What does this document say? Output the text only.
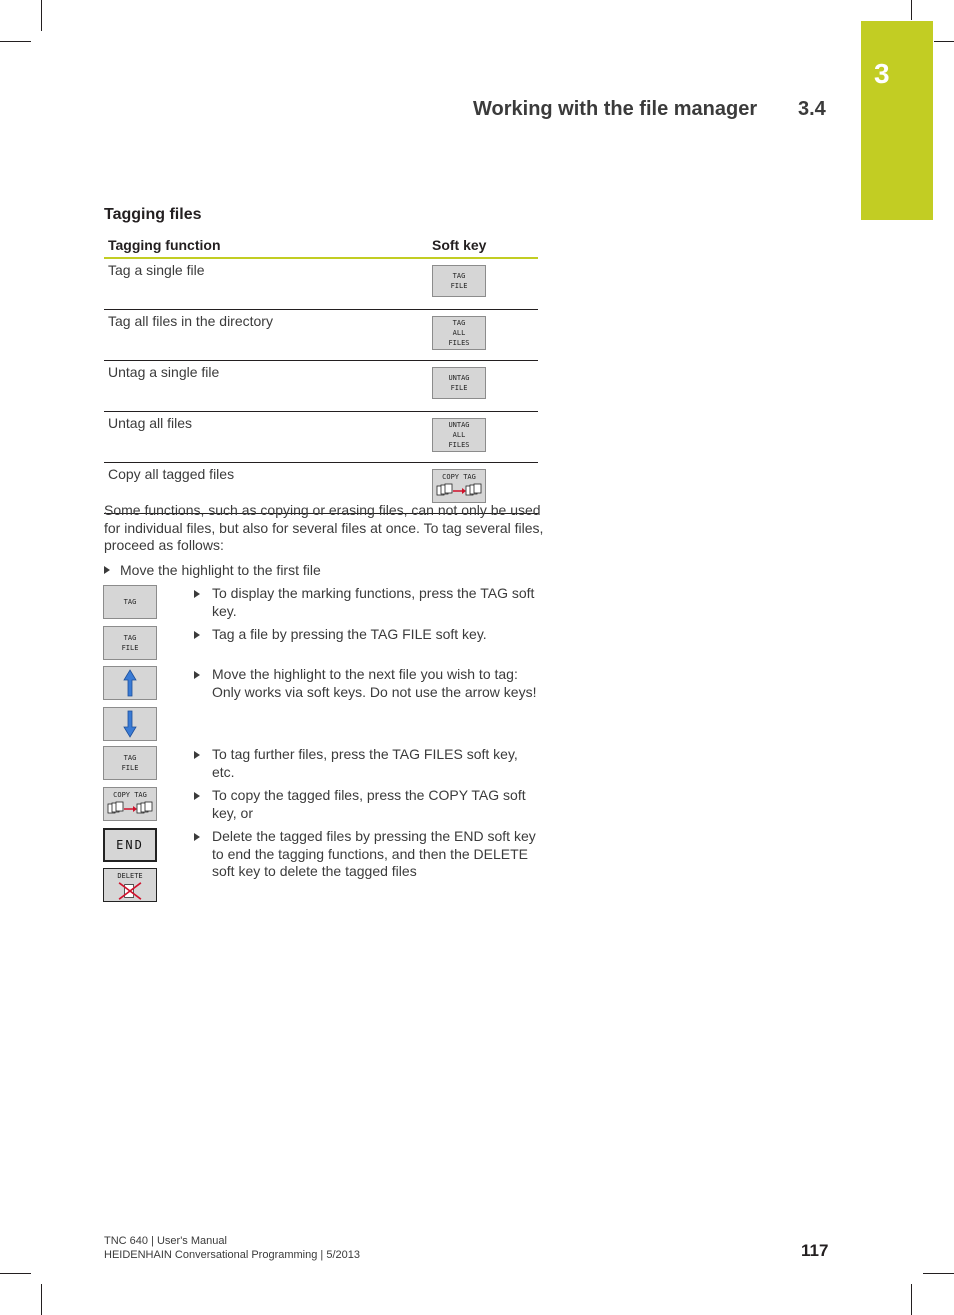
3
Working with the file manager 3.4
Tagging files
Tagging function	Soft key
Tag a single file	TAG
FILE

Tag all files in the directory	TAG
ALL
FILES

Untag a single file	UNTAG
FILE

Untag all files	UNTAG
ALL
FILES

Copy all tagged files	COPY TAG
Some functions, such as copying or erasing files, can not only be used for individual files, but also for several files at once. To tag several files, proceed as follows:
Move the highlight to the first file
TAG
TAG
FILE
TAG
FILE
COPY TAG
END
DELETE
To display the marking functions, press the TAG soft key.
Tag a file by pressing the TAG FILE soft key.
Move the highlight to the next file you wish to tag: Only works via soft keys. Do not use the arrow keys!
To tag further files, press the TAG FILES soft key, etc.
To copy the tagged files, press the COPY TAG soft key, or
Delete the tagged files by pressing the END soft key to end the tagging functions, and then the DELETE soft key to delete the tagged files
TNC 640 | User's Manual
HEIDENHAIN Conversational Programming | 5/2013	117
